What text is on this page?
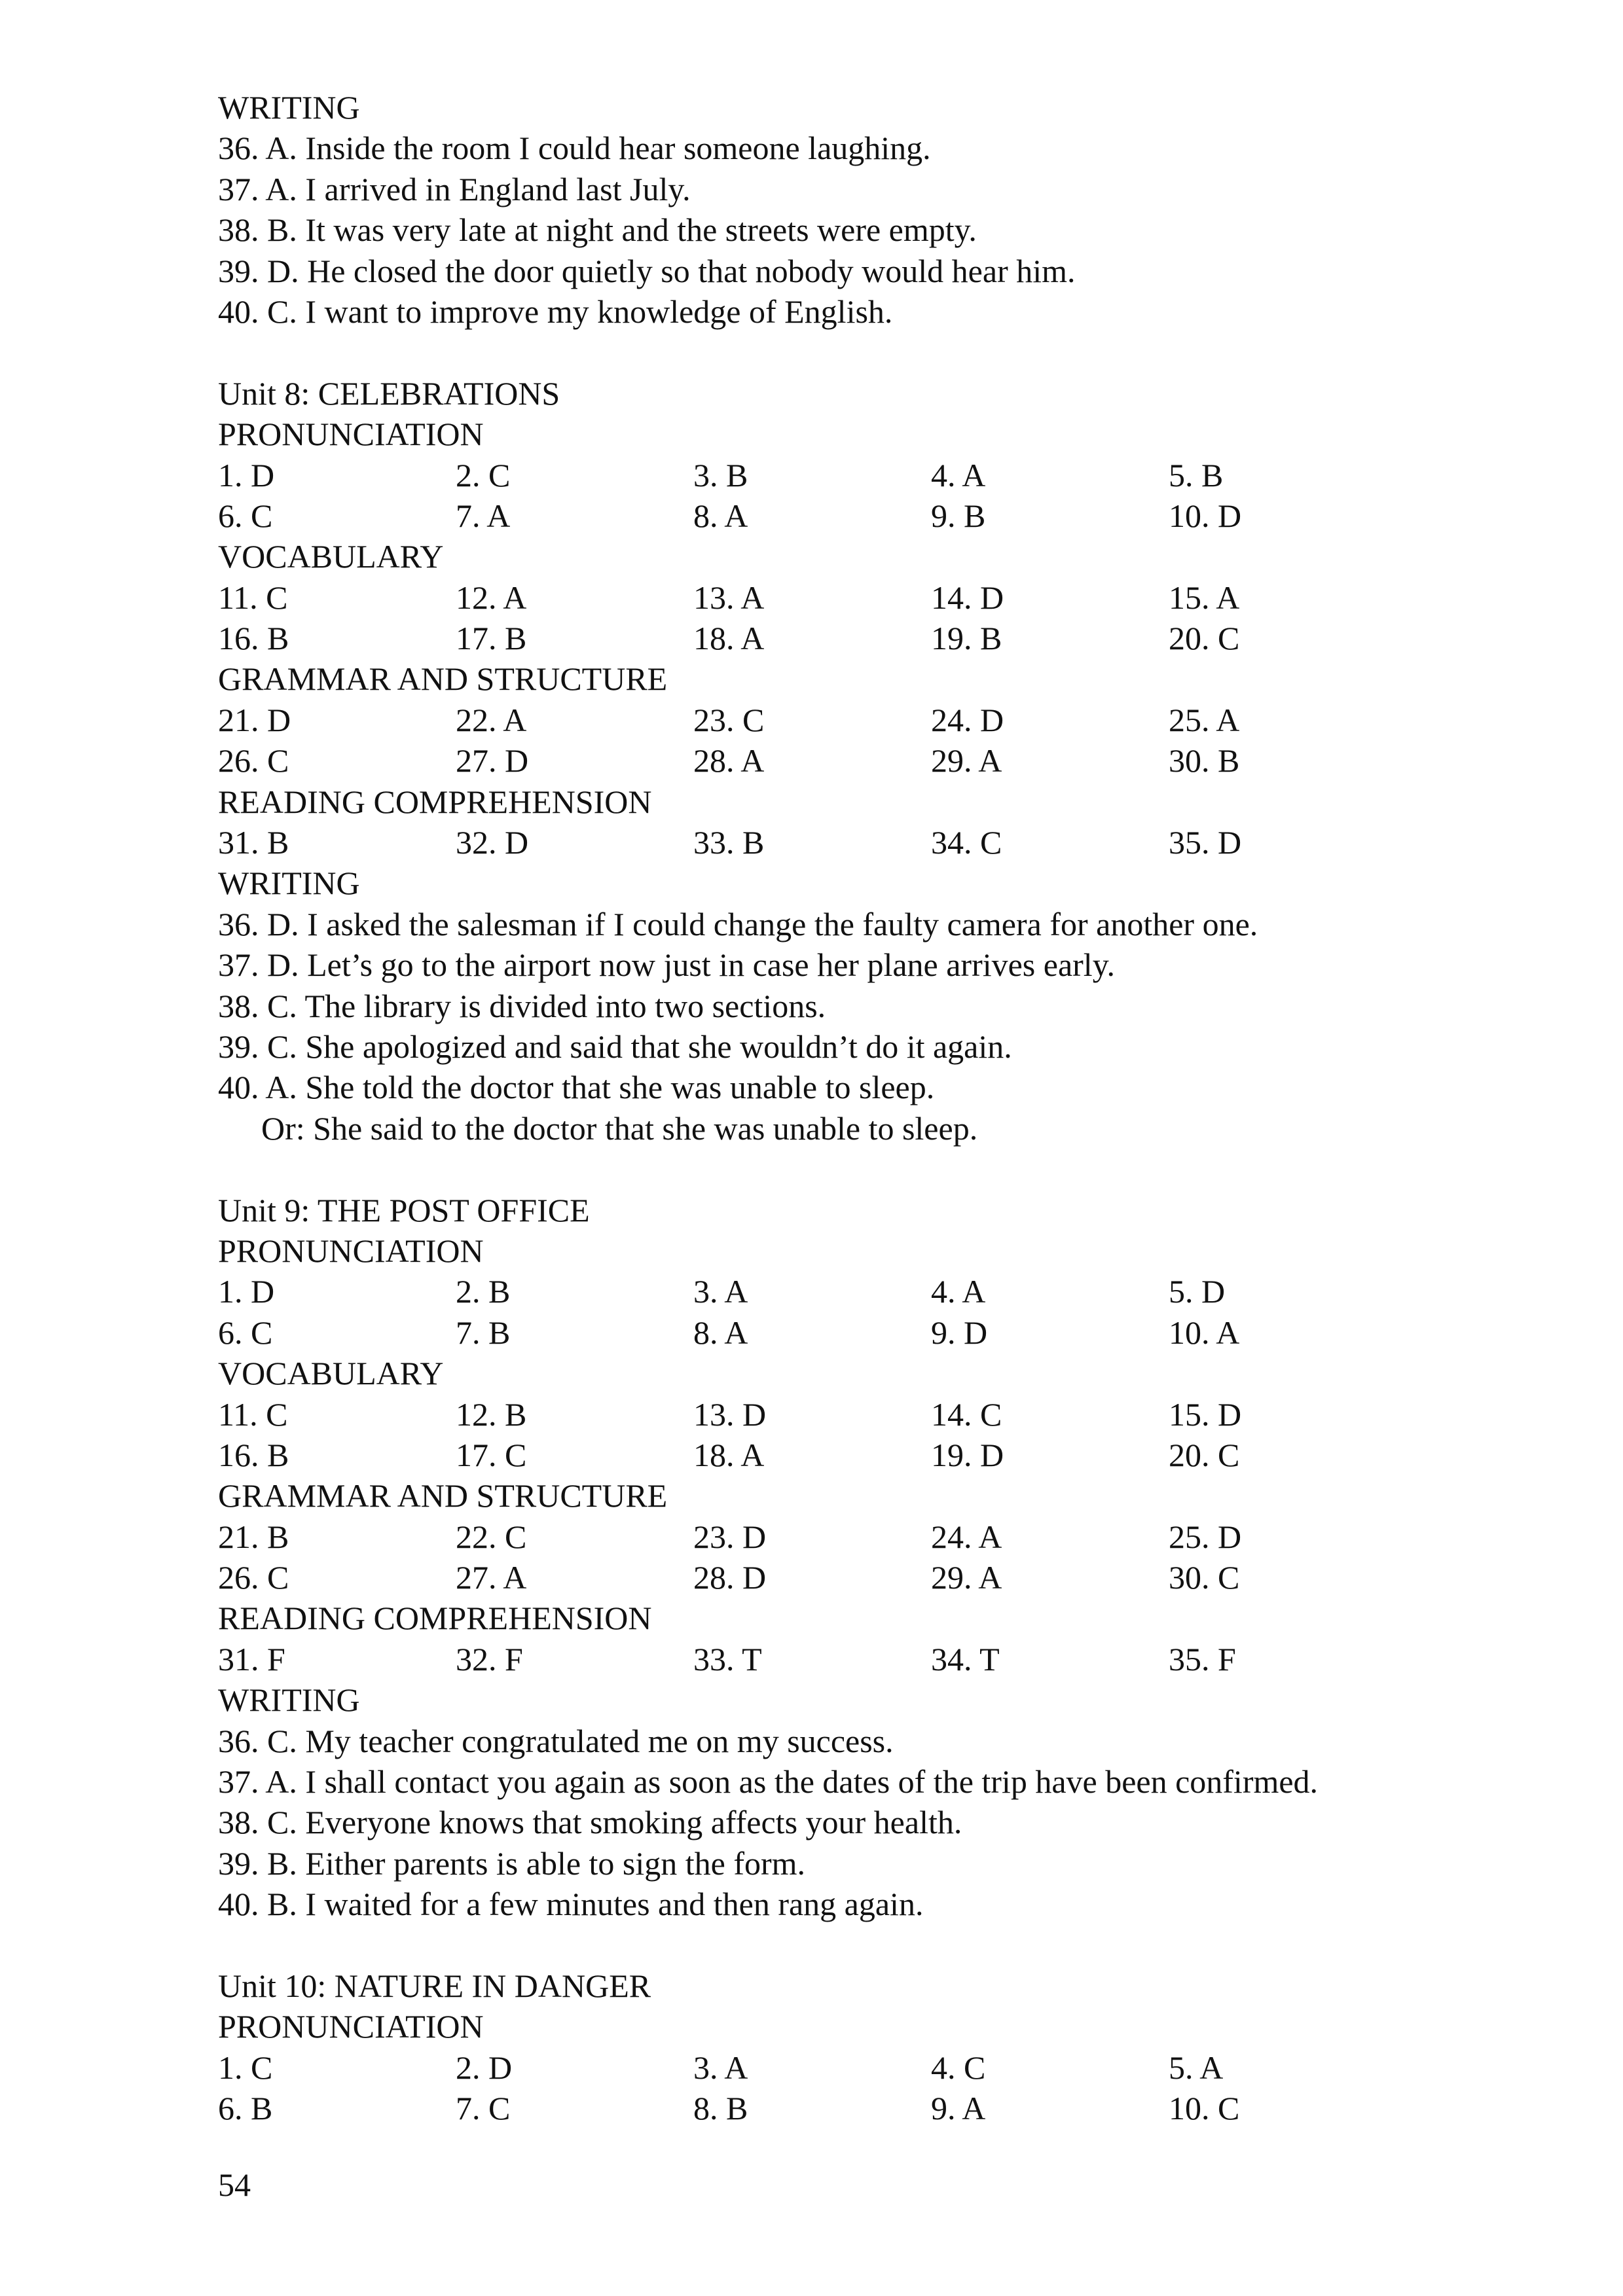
WRITING
36. A. Inside the room I could hear someone laughing.
37. A. I arrived in England last July.
38. B. It was very late at night and the streets were empty.
39. D. He closed the door quietly so that nobody would hear him.
40. C. I want to improve my knowledge of English.
Unit 8: CELEBRATIONS
PRONUNCIATION
1. D	2. C	3. B	4. A	5. B
6. C	7. A	8. A	9. B	10. D
VOCABULARY
11. C	12. A	13. A	14. D	15. A
16. B	17. B	18. A	19. B	20. C
GRAMMAR AND STRUCTURE
21. D	22. A	23. C	24. D	25. A
26. C	27. D	28. A	29. A	30. B
READING COMPREHENSION
31. B	32. D	33. B	34. C	35. D
WRITING
36. D. I asked the salesman if I could change the faulty camera for another one.
37. D. Let’s go to the airport now just in case her plane arrives early.
38. C. The library is divided into two sections.
39. C. She apologized and said that she wouldn’t do it again.
40. A. She told the doctor that she was unable to sleep.
Or: She said to the doctor that she was unable to sleep.
Unit 9: THE POST OFFICE
PRONUNCIATION
1. D	2. B	3. A	4. A	5. D
6. C	7. B	8. A	9. D	10. A
VOCABULARY
11. C	12. B	13. D	14. C	15. D
16. B	17. C	18. A	19. D	20. C
GRAMMAR AND STRUCTURE
21. B	22. C	23. D	24. A	25. D
26. C	27. A	28. D	29. A	30. C
READING COMPREHENSION
31. F	32. F	33. T	34. T	35. F
WRITING
36. C. My teacher congratulated me on my success.
37. A. I shall contact you again as soon as the dates of the trip have been confirmed.
38. C. Everyone knows that smoking affects your health.
39. B. Either parents is able to sign the form.
40. B. I waited for a few minutes and then rang again.
Unit 10: NATURE IN DANGER
PRONUNCIATION
1. C	2. D	3. A	4. C	5. A
6. B	7. C	8. B	9. A	10. C
54
